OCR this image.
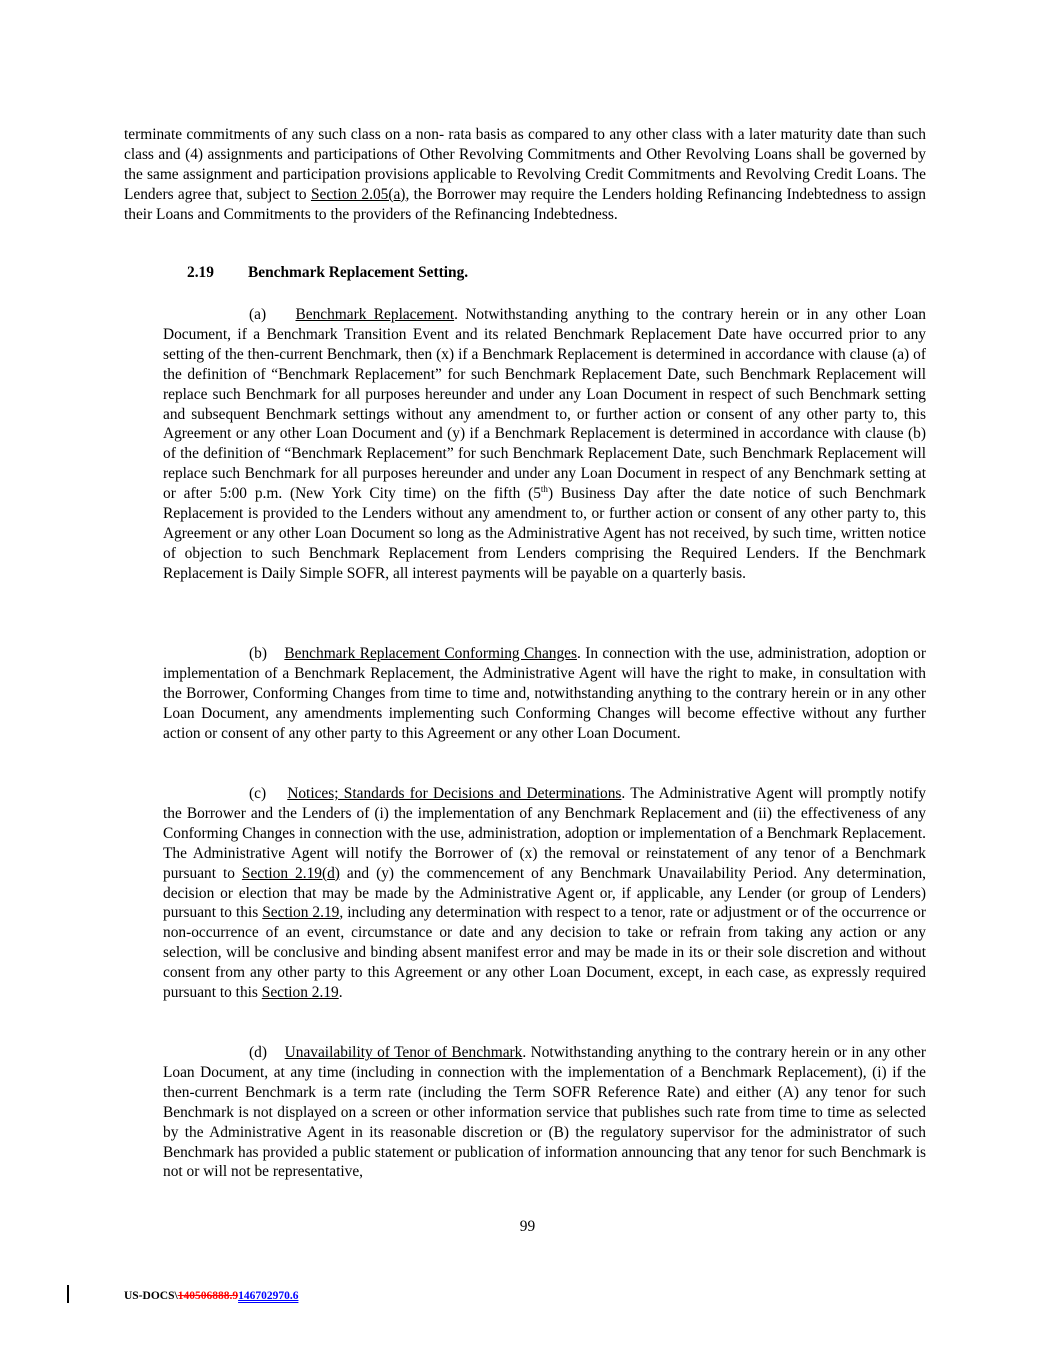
terminate commitments of any such class on a non- rata basis as compared to any other class with a later maturity date than such class and (4) assignments and participations of Other Revolving Commitments and Other Revolving Loans shall be governed by the same assignment and participation provisions applicable to Revolving Credit Commitments and Revolving Credit Loans. The Lenders agree that, subject to Section 2.05(a), the Borrower may require the Lenders holding Refinancing Indebtedness to assign their Loans and Commitments to the providers of the Refinancing Indebtedness.

2.19 Benchmark Replacement Setting.

(a) Benchmark Replacement. Notwithstanding anything to the contrary herein or in any other Loan Document, if a Benchmark Transition Event and its related Benchmark Replacement Date have occurred prior to any setting of the then-current Benchmark, then (x) if a Benchmark Replacement is determined in accordance with clause (a) of the definition of “Benchmark Replacement” for such Benchmark Replacement Date, such Benchmark Replacement will replace such Benchmark for all purposes hereunder and under any Loan Document in respect of such Benchmark setting and subsequent Benchmark settings without any amendment to, or further action or consent of any other party to, this Agreement or any other Loan Document and (y) if a Benchmark Replacement is determined in accordance with clause (b) of the definition of “Benchmark Replacement” for such Benchmark Replacement Date, such Benchmark Replacement will replace such Benchmark for all purposes hereunder and under any Loan Document in respect of any Benchmark setting at or after 5:00 p.m. (New York City time) on the fifth (5th) Business Day after the date notice of such Benchmark Replacement is provided to the Lenders without any amendment to, or further action or consent of any other party to, this Agreement or any other Loan Document so long as the Administrative Agent has not received, by such time, written notice of objection to such Benchmark Replacement from Lenders comprising the Required Lenders. If the Benchmark Replacement is Daily Simple SOFR, all interest payments will be payable on a quarterly basis.

(b) Benchmark Replacement Conforming Changes. In connection with the use, administration, adoption or implementation of a Benchmark Replacement, the Administrative Agent will have the right to make, in consultation with the Borrower, Conforming Changes from time to time and, notwithstanding anything to the contrary herein or in any other Loan Document, any amendments implementing such Conforming Changes will become effective without any further action or consent of any other party to this Agreement or any other Loan Document.

(c) Notices; Standards for Decisions and Determinations. The Administrative Agent will promptly notify the Borrower and the Lenders of (i) the implementation of any Benchmark Replacement and (ii) the effectiveness of any Conforming Changes in connection with the use, administration, adoption or implementation of a Benchmark Replacement. The Administrative Agent will notify the Borrower of (x) the removal or reinstatement of any tenor of a Benchmark pursuant to Section 2.19(d) and (y) the commencement of any Benchmark Unavailability Period. Any determination, decision or election that may be made by the Administrative Agent or, if applicable, any Lender (or group of Lenders) pursuant to this Section 2.19, including any determination with respect to a tenor, rate or adjustment or of the occurrence or non-occurrence of an event, circumstance or date and any decision to take or refrain from taking any action or any selection, will be conclusive and binding absent manifest error and may be made in its or their sole discretion and without consent from any other party to this Agreement or any other Loan Document, except, in each case, as expressly required pursuant to this Section 2.19.

(d) Unavailability of Tenor of Benchmark. Notwithstanding anything to the contrary herein or in any other Loan Document, at any time (including in connection with the implementation of a Benchmark Replacement), (i) if the then-current Benchmark is a term rate (including the Term SOFR Reference Rate) and either (A) any tenor for such Benchmark is not displayed on a screen or other information service that publishes such rate from time to time as selected by the Administrative Agent in its reasonable discretion or (B) the regulatory supervisor for the administrator of such Benchmark has provided a public statement or publication of information announcing that any tenor for such Benchmark is not or will not be representative,

99
US-DOCS\140506888.9146702970.6
